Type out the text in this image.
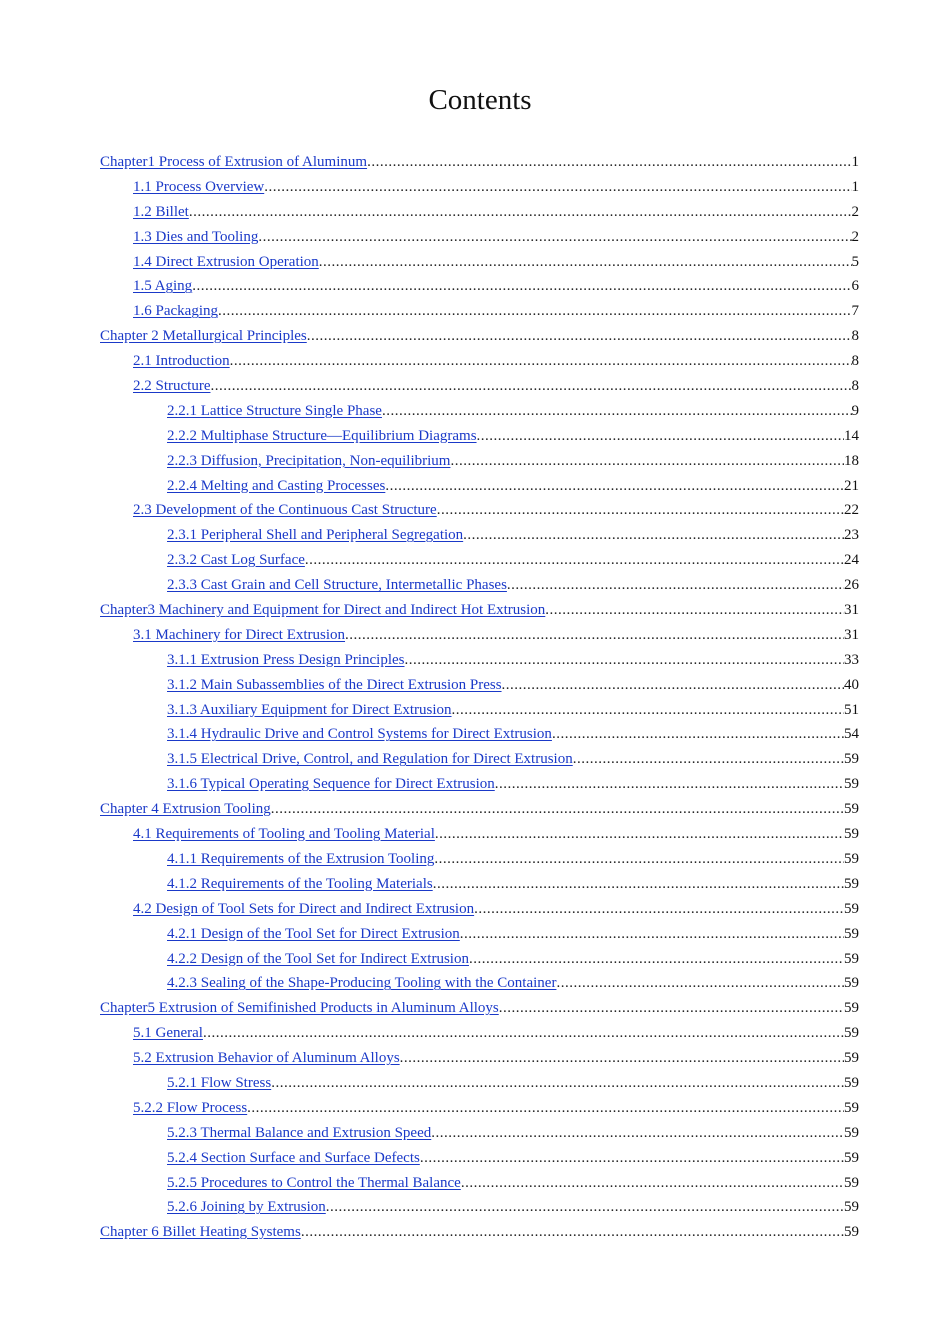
Contents
Chapter1 Process of Extrusion of Aluminum .....	1
1.1 Process Overview .....	1
1.2 Billet .....	2
1.3 Dies and Tooling .....	2
1.4 Direct Extrusion Operation .....	5
1.5 Aging .....	6
1.6 Packaging .....	7
Chapter 2 Metallurgical Principles .....	8
2.1 Introduction .....	8
2.2 Structure .....	8
2.2.1 Lattice Structure Single Phase .....	9
2.2.2 Multiphase Structure—Equilibrium Diagrams .....	14
2.2.3 Diffusion, Precipitation, Non-equilibrium .....	18
2.2.4 Melting and Casting Processes .....	21
2.3 Development of the Continuous Cast Structure .....	22
2.3.1 Peripheral Shell and Peripheral Segregation .....	23
2.3.2 Cast Log Surface .....	24
2.3.3 Cast Grain and Cell Structure, Intermetallic Phases .....	26
Chapter3 Machinery and Equipment for Direct and Indirect Hot Extrusion .....	31
3.1 Machinery for Direct Extrusion .....	31
3.1.1 Extrusion Press Design Principles .....	33
3.1.2 Main Subassemblies of the Direct Extrusion Press .....	40
3.1.3 Auxiliary Equipment for Direct Extrusion .....	51
3.1.4 Hydraulic Drive and Control Systems for Direct Extrusion .....	54
3.1.5 Electrical Drive, Control, and Regulation for Direct Extrusion .....	59
3.1.6 Typical Operating Sequence for Direct Extrusion .....	59
Chapter 4 Extrusion Tooling .....	59
4.1 Requirements of Tooling and Tooling Material .....	59
4.1.1 Requirements of the Extrusion Tooling .....	59
4.1.2 Requirements of the Tooling Materials .....	59
4.2 Design of Tool Sets for Direct and Indirect Extrusion .....	59
4.2.1 Design of the Tool Set for Direct Extrusion .....	59
4.2.2 Design of the Tool Set for Indirect Extrusion .....	59
4.2.3 Sealing of the Shape-Producing Tooling with the Container .....	59
Chapter5 Extrusion of Semifinished Products in Aluminum Alloys .....	59
5.1 General .....	59
5.2 Extrusion Behavior of Aluminum Alloys .....	59
5.2.1 Flow Stress .....	59
5.2.2 Flow Process .....	59
5.2.3 Thermal Balance and Extrusion Speed .....	59
5.2.4 Section Surface and Surface Defects .....	59
5.2.5 Procedures to Control the Thermal Balance .....	59
5.2.6 Joining by Extrusion .....	59
Chapter 6 Billet Heating Systems .....	59
